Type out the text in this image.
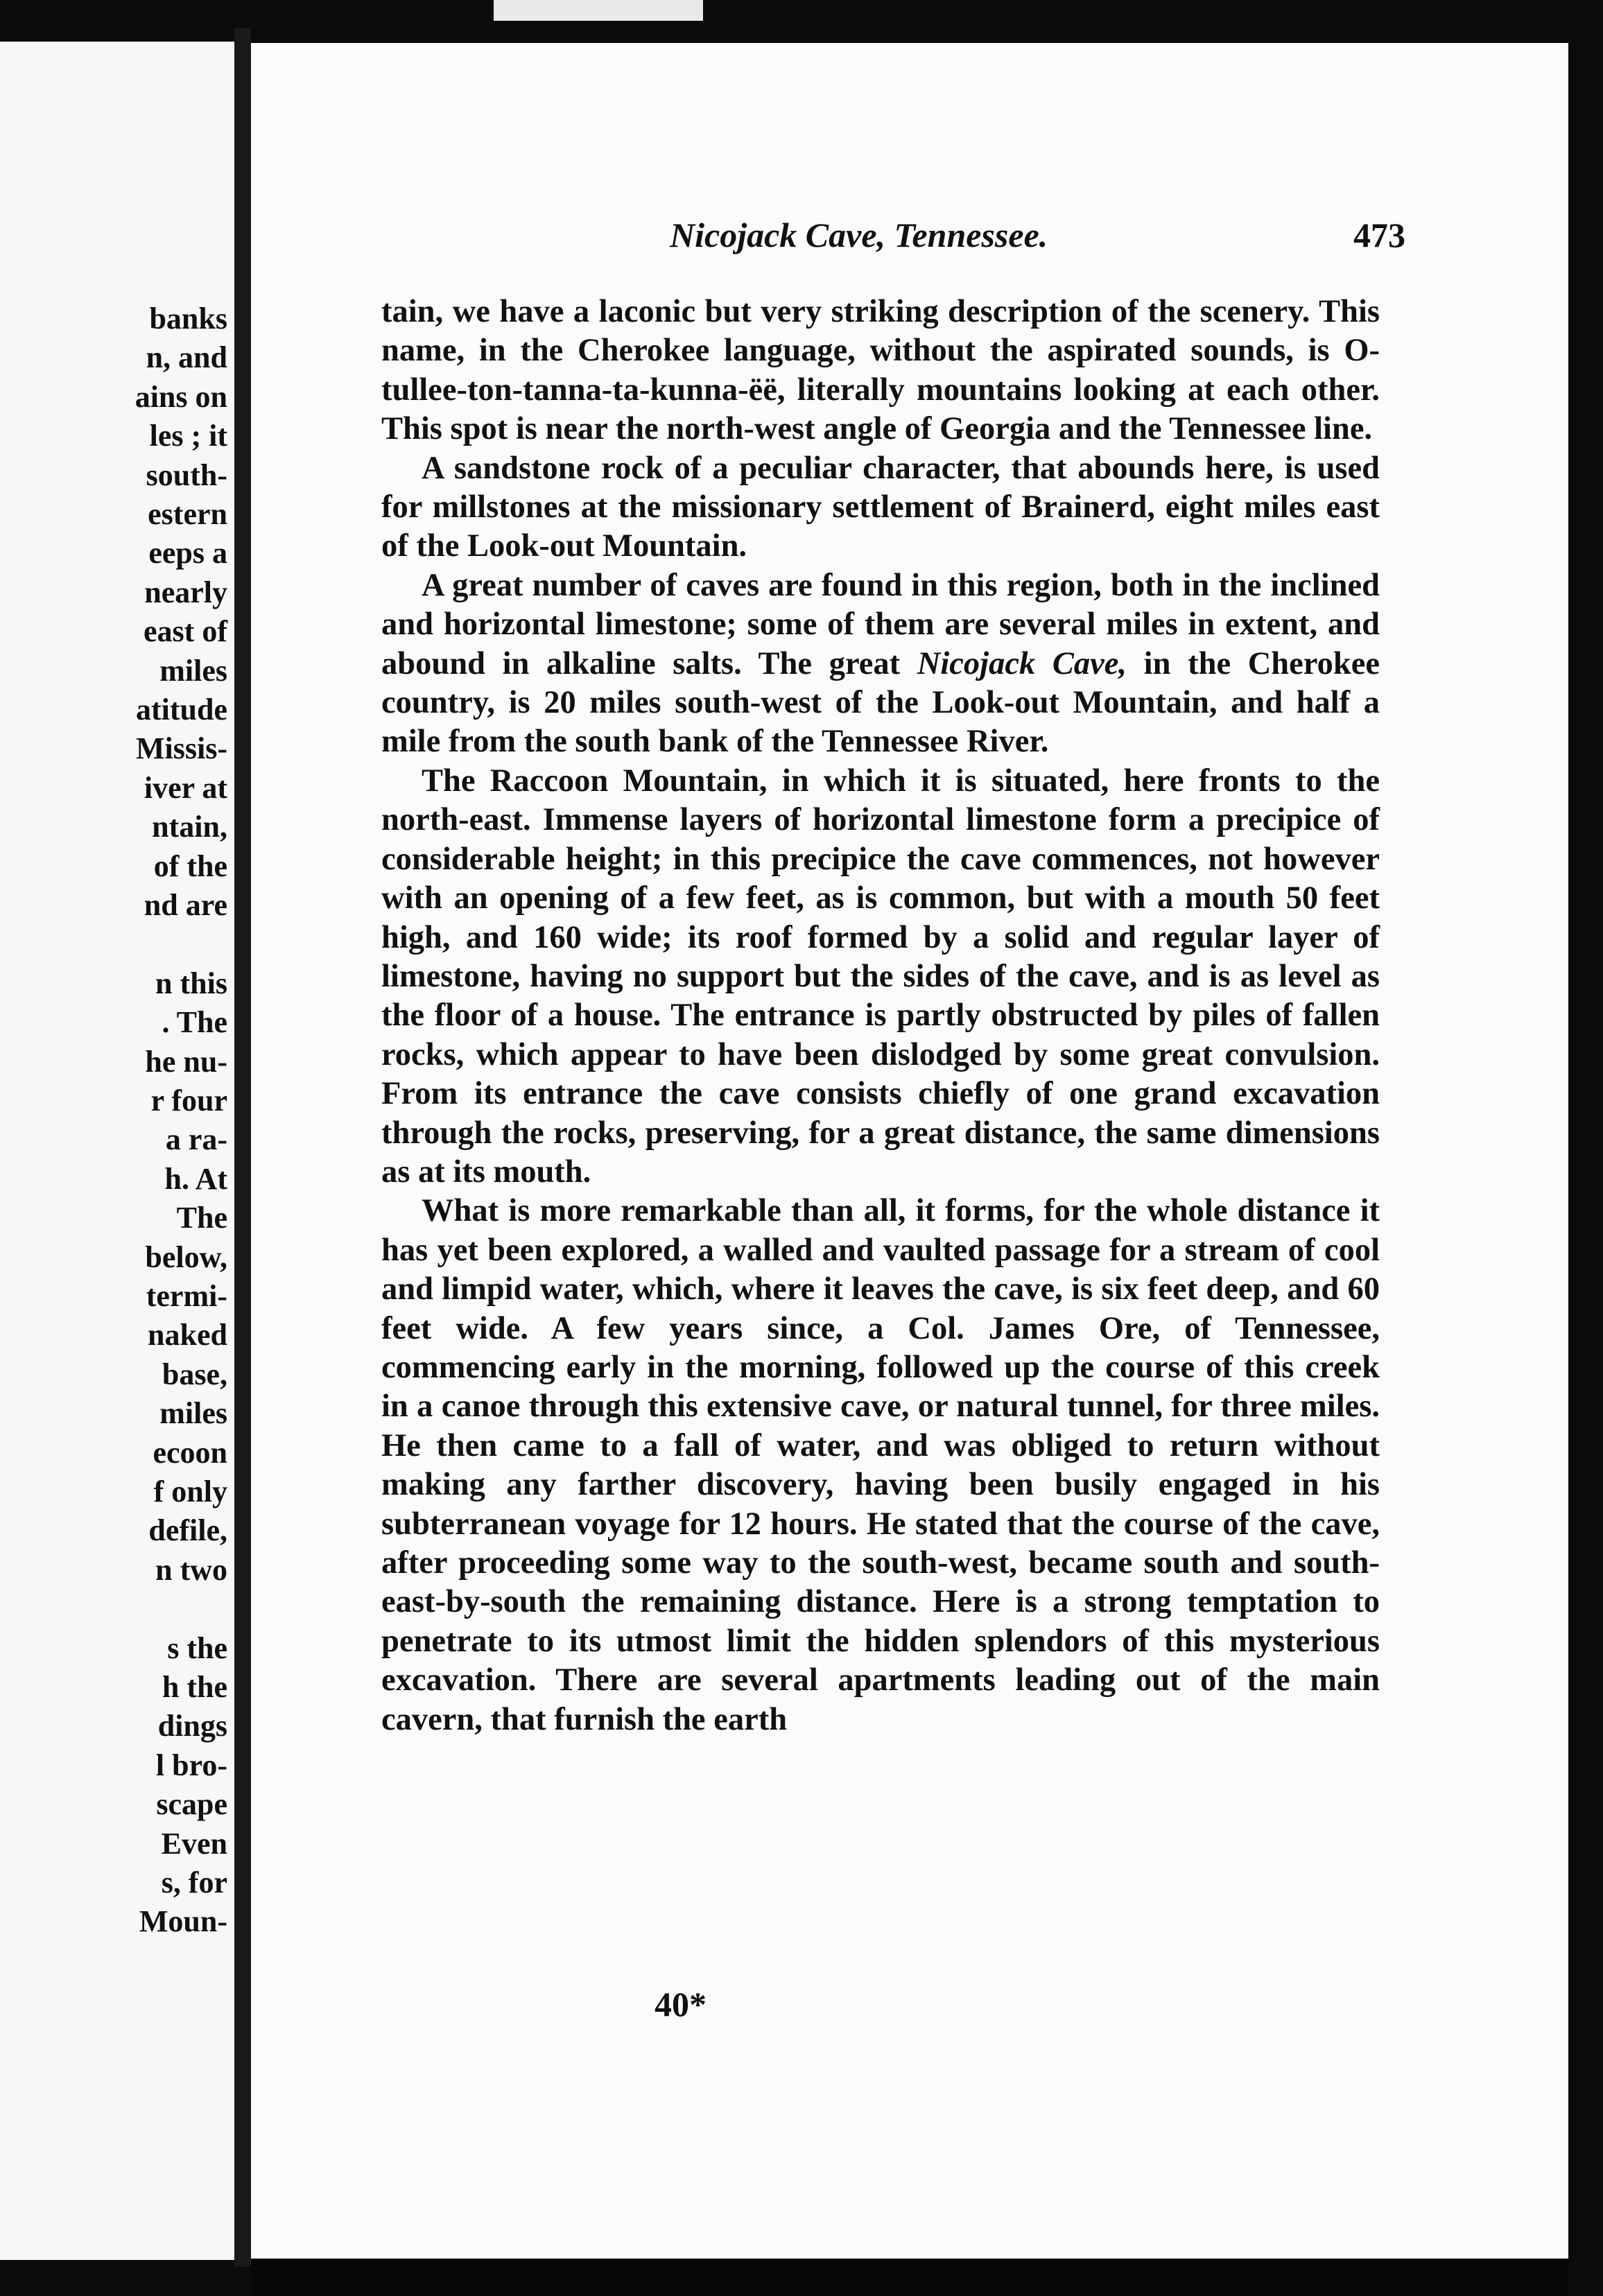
banks
n, and
ains on
les ; it
south-
estern
eeps a
nearly
east of
miles
atitude
Missis-
iver at
ntain,
of the
nd are
n this
. The
he nu-
r four
a ra-
h. At
The
below,
termi-
naked
base,
miles
ecoon
f only
defile,
n two
s the
h the
dings
l bro-
scape
Even
s, for
Moun-
Nicojack Cave, Tennessee.	473

tain, we have a laconic but very striking description of the scenery. This name, in the Cherokee language, without the aspirated sounds, is O-tullee-ton-tanna-ta-kunna-ëë, literally mountains looking at each other. This spot is near the north-west angle of Georgia and the Tennessee line.

A sandstone rock of a peculiar character, that abounds here, is used for millstones at the missionary settlement of Brainerd, eight miles east of the Look-out Mountain.

A great number of caves are found in this region, both in the inclined and horizontal limestone; some of them are several miles in extent, and abound in alkaline salts. The great Nicojack Cave, in the Cherokee country, is 20 miles south-west of the Look-out Mountain, and half a mile from the south bank of the Tennessee River.

The Raccoon Mountain, in which it is situated, here fronts to the north-east. Immense layers of horizontal limestone form a precipice of considerable height; in this precipice the cave commences, not however with an opening of a few feet, as is common, but with a mouth 50 feet high, and 160 wide; its roof formed by a solid and regular layer of limestone, having no support but the sides of the cave, and is as level as the floor of a house. The entrance is partly obstructed by piles of fallen rocks, which appear to have been dislodged by some great convulsion. From its entrance the cave consists chiefly of one grand excavation through the rocks, preserving, for a great distance, the same dimensions as at its mouth.

What is more remarkable than all, it forms, for the whole distance it has yet been explored, a walled and vaulted passage for a stream of cool and limpid water, which, where it leaves the cave, is six feet deep, and 60 feet wide. A few years since, a Col. James Ore, of Tennessee, commencing early in the morning, followed up the course of this creek in a canoe through this extensive cave, or natural tunnel, for three miles. He then came to a fall of water, and was obliged to return without making any farther discovery, having been busily engaged in his subterranean voyage for 12 hours. He stated that the course of the cave, after proceeding some way to the south-west, became south and south-east-by-south the remaining distance. Here is a strong temptation to penetrate to its utmost limit the hidden splendors of this mysterious excavation. There are several apartments leading out of the main cavern, that furnish the earth

40*
